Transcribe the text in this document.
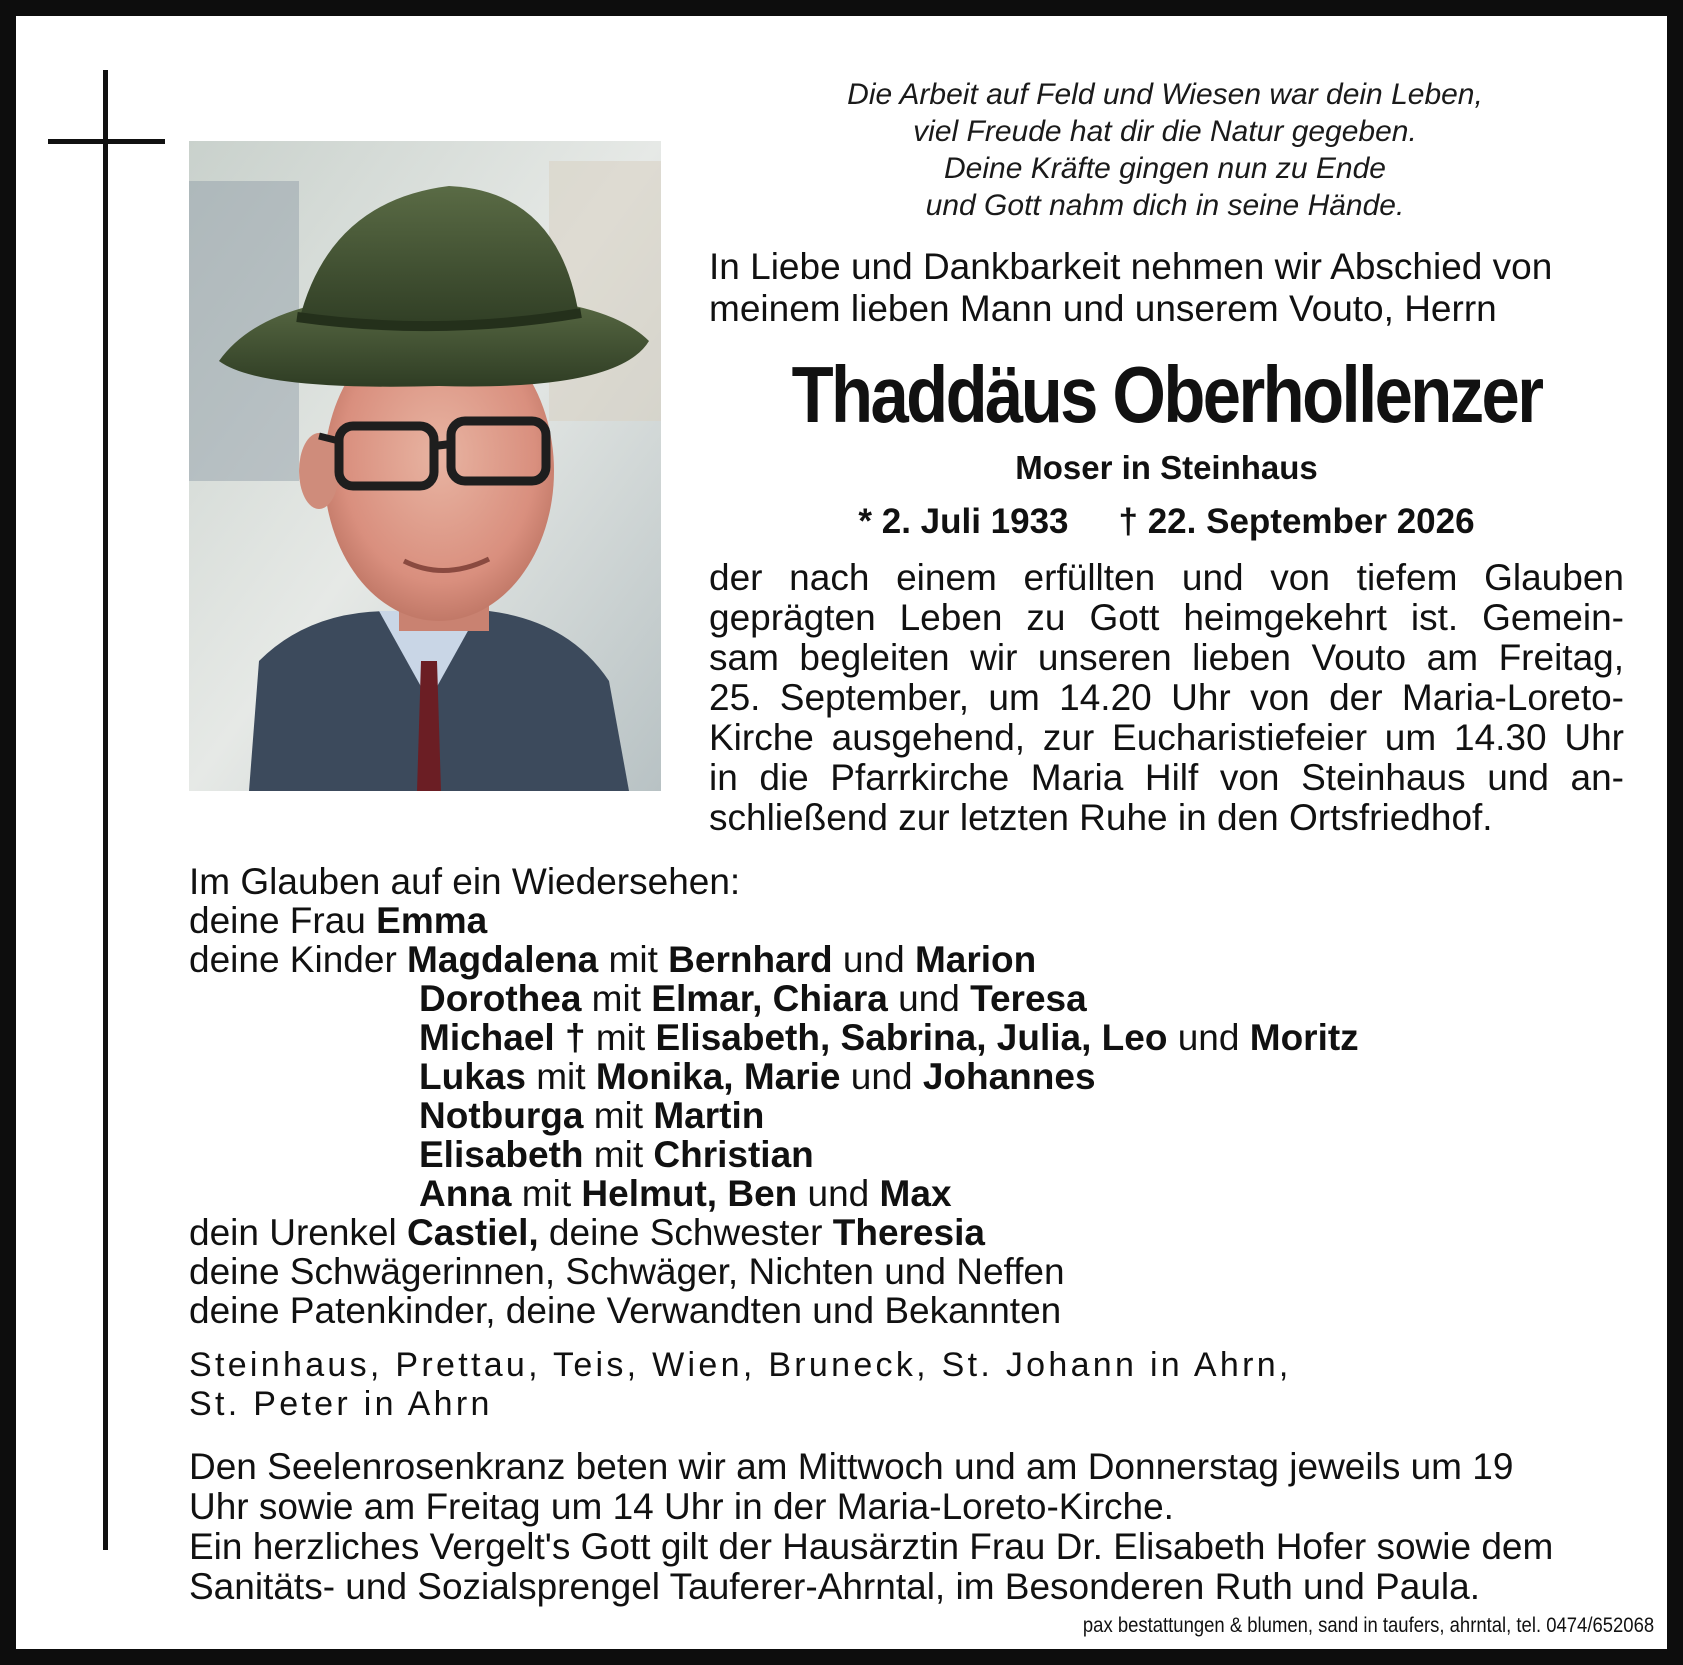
Die Arbeit auf Feld und Wiesen war dein Leben,
viel Freude hat dir die Natur gegeben.
Deine Kräfte gingen nun zu Ende
und Gott nahm dich in seine Hände.
In Liebe und Dankbarkeit nehmen wir Abschied von
meinem lieben Mann und unserem Vouto, Herrn
Thaddäus Oberhollenzer
Moser in Steinhaus
* 2. Juli 1933 † 22. September 2026
der nach einem erfüllten und von tiefem Glauben
geprägten Leben zu Gott heimgekehrt ist. Gemein-
sam begleiten wir unseren lieben Vouto am Freitag,
25. September, um 14.20 Uhr von der Maria-Loreto-
Kirche ausgehend, zur Eucharistiefeier um 14.30 Uhr
in die Pfarrkirche Maria Hilf von Steinhaus und an-
schließend zur letzten Ruhe in den Ortsfriedhof.
Im Glauben auf ein Wiedersehen:
deine Frau Emma
deine Kinder Magdalena mit Bernhard und Marion
Dorothea mit Elmar, Chiara und Teresa
Michael † mit Elisabeth, Sabrina, Julia, Leo und Moritz
Lukas mit Monika, Marie und Johannes
Notburga mit Martin
Elisabeth mit Christian
Anna mit Helmut, Ben und Max
dein Urenkel Castiel, deine Schwester Theresia
deine Schwägerinnen, Schwäger, Nichten und Neffen
deine Patenkinder, deine Verwandten und Bekannten
Steinhaus, Prettau, Teis, Wien, Bruneck, St. Johann in Ahrn,
St. Peter in Ahrn
Den Seelenrosenkranz beten wir am Mittwoch und am Donnerstag jeweils um 19
Uhr sowie am Freitag um 14 Uhr in der Maria-Loreto-Kirche.
Ein herzliches Vergelt's Gott gilt der Hausärztin Frau Dr. Elisabeth Hofer sowie dem
Sanitäts- und Sozialsprengel Tauferer-Ahrntal, im Besonderen Ruth und Paula.
pax bestattungen & blumen, sand in taufers, ahrntal, tel. 0474/652068
